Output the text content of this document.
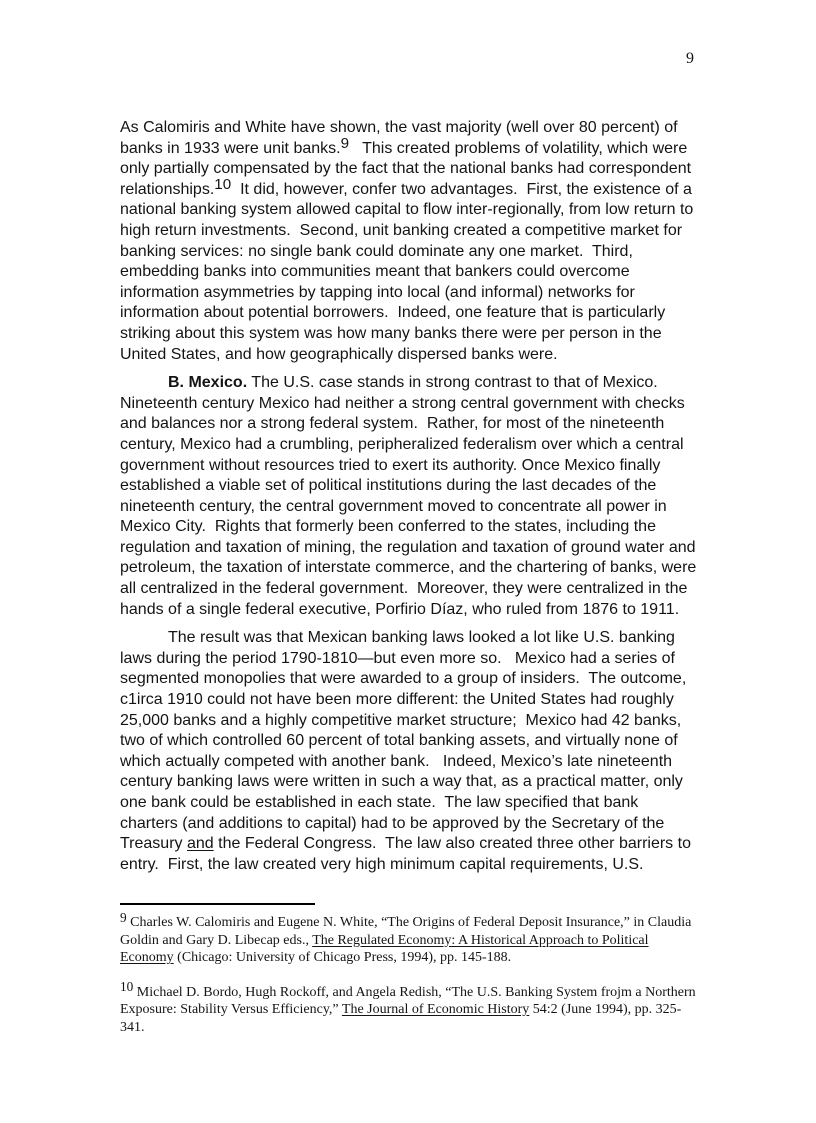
9

As Calomiris and White have shown, the vast majority (well over 80 percent) of banks in 1933 were unit banks.$^9$   This created problems of volatility, which were only partially compensated by the fact that the national banks had correspondent relationships.$^{10}$  It did, however, confer two advantages.  First, the existence of a national banking system allowed capital to flow inter-regionally, from low return to high return investments.  Second, unit banking created a competitive market for banking services: no single bank could dominate any one market.  Third, embedding banks into communities meant that bankers could overcome information asymmetries by tapping into local (and informal) networks for information about potential borrowers.  Indeed, one feature that is particularly striking about this system was how many banks there were per person in the United States, and how geographically dispersed banks were.

B. Mexico. The U.S. case stands in strong contrast to that of Mexico. Nineteenth century Mexico had neither a strong central government with checks and balances nor a strong federal system.  Rather, for most of the nineteenth century, Mexico had a crumbling, peripheralized federalism over which a central government without resources tried to exert its authority. Once Mexico finally established a viable set of political institutions during the last decades of the nineteenth century, the central government moved to concentrate all power in Mexico City.  Rights that formerly been conferred to the states, including the regulation and taxation of mining, the regulation and taxation of ground water and petroleum, the taxation of interstate commerce, and the chartering of banks, were all centralized in the federal government.  Moreover, they were centralized in the hands of a single federal executive, Porfirio Díaz, who ruled from 1876 to 1911.

The result was that Mexican banking laws looked a lot like U.S. banking laws during the period 1790-1810—but even more so.   Mexico had a series of segmented monopolies that were awarded to a group of insiders.  The outcome, c1irca 1910 could not have been more different: the United States had roughly 25,000 banks and a highly competitive market structure;  Mexico had 42 banks, two of which controlled 60 percent of total banking assets, and virtually none of which actually competed with another bank.   Indeed, Mexico’s late nineteenth century banking laws were written in such a way that, as a practical matter, only one bank could be established in each state.  The law specified that bank charters (and additions to capital) had to be approved by the Secretary of the Treasury and the Federal Congress.  The law also created three other barriers to entry.  First, the law created very high minimum capital requirements, U.S.

$^9$ Charles W. Calomiris and Eugene N. White, “The Origins of Federal Deposit Insurance,” in Claudia Goldin and Gary D. Libecap eds., The Regulated Economy: A Historical Approach to Political Economy (Chicago: University of Chicago Press, 1994), pp. 145-188.

$^{10}$ Michael D. Bordo, Hugh Rockoff, and Angela Redish, “The U.S. Banking System frojm a Northern Exposure: Stability Versus Efficiency,” The Journal of Economic History 54:2 (June 1994), pp. 325-341.
